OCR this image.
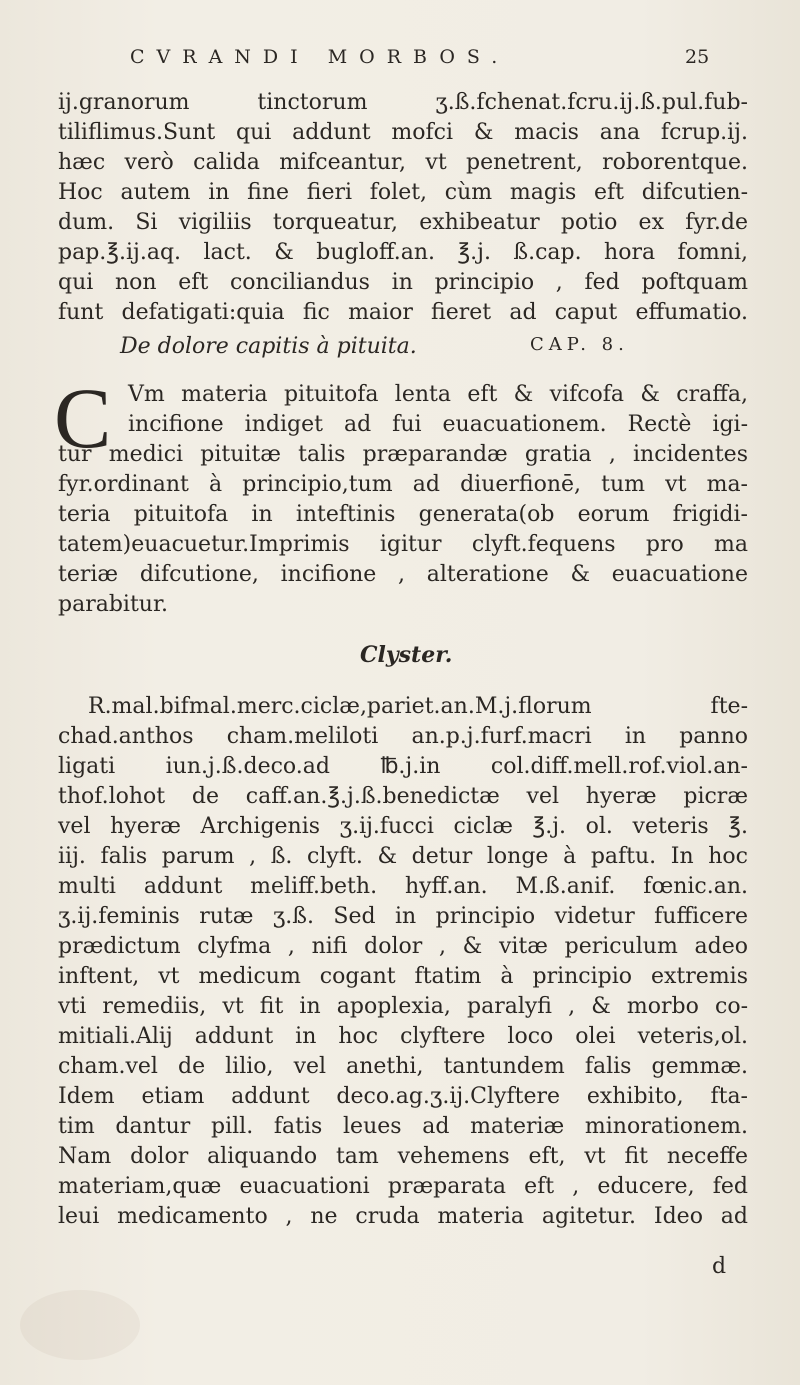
CVRANDI MORBOS.	25
ij.granorum tinctorum ʒ.ß.fchenat.fcru.ij.ß.pul.fub-
tiliflimus.Sunt qui addunt mofci & macis ana fcrup.ij.
hæc verò calida mifceantur, vt penetrent, roborentque.
Hoc autem in fine fieri folet, cùm magis eft difcutien-
dum. Si vigiliis torqueatur, exhibeatur potio ex fyr.de
pap.℥.ij.aq. lact. & bugloff.an. ℥.j. ß.cap. hora fomni,
qui non eft conciliandus in principio , fed poftquam
funt defatigati:quia fic maior fieret ad caput effumatio.
De dolore capitis à pituita.	CAP. 8.
C Vm materia pituitofa lenta eft & vifcofa & craffa,
incifione indiget ad fui euacuationem. Rectè igi-
tur medici pituitæ talis præparandæ gratia , incidentes
fyr.ordinant à principio,tum ad diuerfionē, tum vt ma-
teria pituitofa in inteftinis generata(ob eorum frigidi-
tatem)euacuetur.Imprimis igitur clyft.fequens pro ma
teriæ difcutione, incifione , alteratione & euacuatione
parabitur.
Clyster.
R.mal.bifmal.merc.ciclæ,pariet.an.M.j.florum fte-
chad.anthos cham.meliloti an.p.j.furf.macri in panno
ligati iun.j.ß.deco.ad ℔.j.in col.diff.mell.rof.viol.an-
thof.lohot de caff.an.℥.j.ß.benedictæ vel hyeræ picræ
vel hyeræ Archigenis ʒ.ij.fucci ciclæ ℥.j. ol. veteris ℥.
iij. falis parum , ß. clyft. & detur longe à paftu. In hoc
multi addunt meliff.beth. hyff.an. M.ß.anif. fœnic.an.
ʒ.ij.feminis rutæ ʒ.ß. Sed in principio videtur fufficere
prædictum clyfma , nifi dolor , & vitæ periculum adeo
inftent, vt medicum cogant ftatim à principio extremis
vti remediis, vt fit in apoplexia, paralyfi , & morbo co-
mitiali.Alij addunt in hoc clyftere loco olei veteris,ol.
cham.vel de lilio, vel anethi, tantundem falis gemmæ.
Idem etiam addunt deco.ag.ʒ.ij.Clyftere exhibito, fta-
tim dantur pill. fatis leues ad materiæ minorationem.
Nam dolor aliquando tam vehemens eft, vt fit neceffe
materiam,quæ euacuationi præparata eft , educere, fed
leui medicamento , ne cruda materia agitetur. Ideo ad
d
